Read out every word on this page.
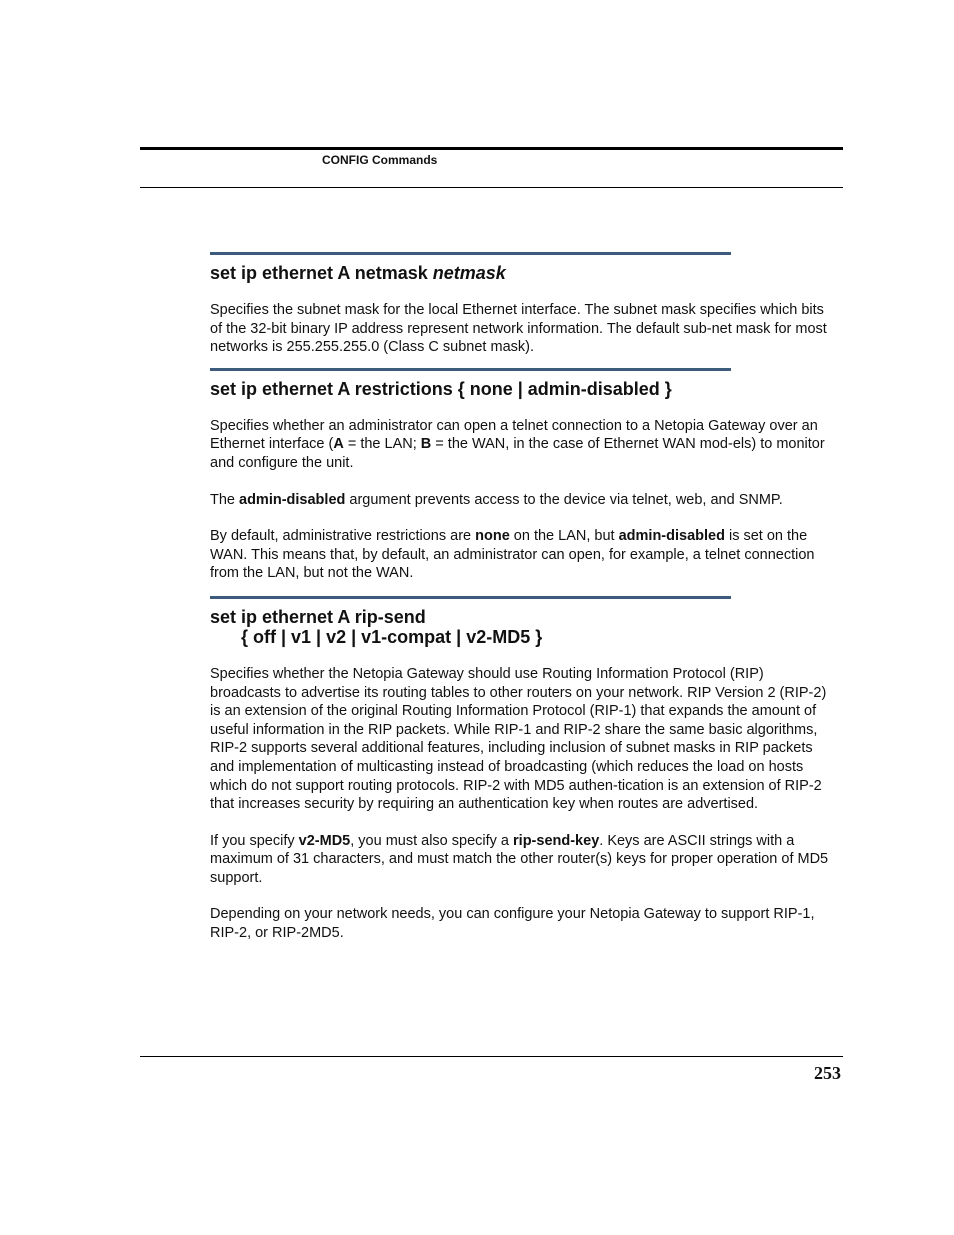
CONFIG Commands
set ip ethernet A netmask netmask

Specifies the subnet mask for the local Ethernet interface. The subnet mask specifies which bits of the 32-bit binary IP address represent network information. The default sub-net mask for most networks is 255.255.255.0 (Class C subnet mask).

set ip ethernet A restrictions { none | admin-disabled }

Specifies whether an administrator can open a telnet connection to a Netopia Gateway over an Ethernet interface (A = the LAN; B = the WAN, in the case of Ethernet WAN mod-els) to monitor and configure the unit.

The admin-disabled argument prevents access to the device via telnet, web, and SNMP.

By default, administrative restrictions are none on the LAN, but admin-disabled is set on the WAN. This means that, by default, an administrator can open, for example, a telnet connection from the LAN, but not the WAN.

set ip ethernet A rip-send
{ off | v1 | v2 | v1-compat | v2-MD5 }

Specifies whether the Netopia Gateway should use Routing Information Protocol (RIP) broadcasts to advertise its routing tables to other routers on your network. RIP Version 2 (RIP-2) is an extension of the original Routing Information Protocol (RIP-1) that expands the amount of useful information in the RIP packets. While RIP-1 and RIP-2 share the same basic algorithms, RIP-2 supports several additional features, including inclusion of subnet masks in RIP packets and implementation of multicasting instead of broadcasting (which reduces the load on hosts which do not support routing protocols. RIP-2 with MD5 authen-tication is an extension of RIP-2 that increases security by requiring an authentication key when routes are advertised.

If you specify v2-MD5, you must also specify a rip-send-key. Keys are ASCII strings with a maximum of 31 characters, and must match the other router(s) keys for proper operation of MD5 support.

Depending on your network needs, you can configure your Netopia Gateway to support RIP-1, RIP-2, or RIP-2MD5.

253
